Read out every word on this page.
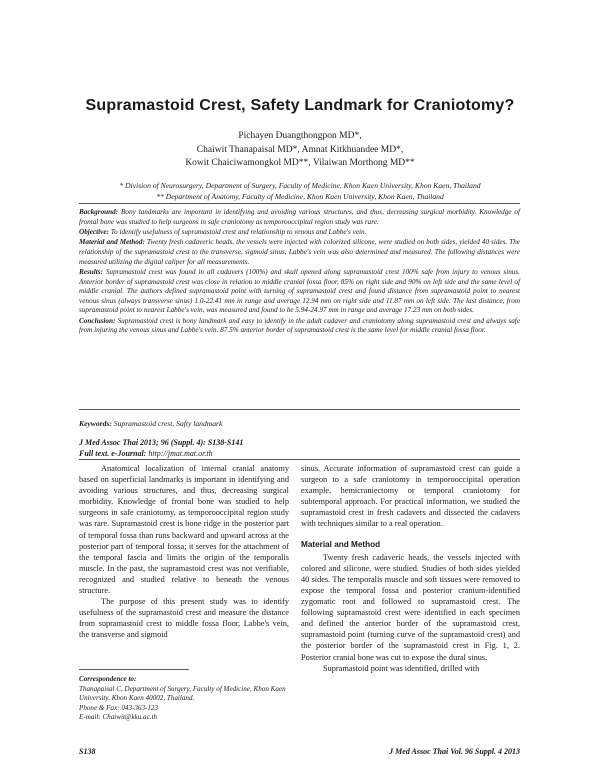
Supramastoid Crest, Safety Landmark for Craniotomy?
Pichayen Duangthongpon MD*,
Chaiwit Thanapaisal MD*, Amnat Kitkhuandee MD*,
Kowit Chaiciwamongkol MD**, Vilaiwan Morthong MD**
* Division of Neurosurgery, Department of Surgery, Faculty of Medicine, Khon Kaen University, Khon Kaen, Thailand
** Department of Anatomy, Faculty of Medicine, Khon Kaen University, Khon Kaen, Thailand

Background: Bony landmarks are important in identifying and avoiding various structures, and thus, decreasing surgical morbidity. Knowledge of frontal bone was studied to help surgeons in safe craniotomy as temporooccipital region study was rare.

Objective: To identify usefulness of supramastoid crest and relationship to venous and Labbe's vein.

Material and Method: Twenty fresh cadaveric heads, the vessels were injected with colorized silicone, were studied on both sides, yielded 40 sides. The relationship of the supramastoid crest to the transverse, sigmoid sinus, Labbe's vein was also determined and measured. The following distances were measured utilizing the digital caliper for all measurements.

Results: Supramastoid crest was found in all cadavers (100%) and skull opened along supramastoid crest 100% safe from injury to venous sinus. Anterior border of supramastoid crest was close in relation to middle cranial fossa floor, 85% on right side and 90% on left side and the same level of middle cranial. The authors defined supramastoid point with turning of supramastoid crest and found distance from supramastoid point to nearest venous sinus (always transverse sinus) 1.0-22.41 mm in range and average 12.94 mm on right side and 11.87 mm on left side. The last distance, from supramastoid point to nearest Labbe's vein, was measured and found to be 5.94-24.97 mm in range and average 17.23 mm on both sides.

Conclusion: Supramastoid crest is bony landmark and easy to identify in the adult cadaver and craniotomy along supramastoid crest and always safe from injuring the venous sinus and Labbe's vein. 87.5% anterior border of supramastoid crest is the same level for middle cranial fossa floor.

Keywords: Supramastoid crest, Safty landmark
J Med Assoc Thai 2013; 96 (Suppl. 4): S138-S141
Full text. e-Journal: http://jmat.mat.or.th

Anatomical localization of internal cranial anatomy based on superficial landmarks is important in identifying and avoiding various structures, and thus, decreasing surgical morbidity. Knowledge of frontal bone was studied to help surgeons in safe craniotomy, as temporooccipital region study was rare. Supramastoid crest is bone ridge in the posterior part of temporal fossa than runs backward and upward across at the posterior part of temporal fossa; it serves for the attachment of the temporal fascia and limits the origin of the temporalis muscle. In the past, the supramastoid crest was not verifiable, recognized and studied relative to beneath the venous structure.

The purpose of this present study was to identify usefulness of the supramastoid crest and measure the distance from supramastoid crest to middle fossa floor, Labbe's vein, the transverse and sigmoid

sinus. Accurate information of supramastoid crest can guide a surgeon to a safe craniotomy in temporooccipital operation example, hemicraniectomy or temporal craniotomy for subtemporal approach. For practical information, we studied the supramastoid crest in fresh cadavers and dissected the cadavers with techniques similar to a real operation.

Material and Method

Twenty fresh cadaveric heads, the vessels injected with colored and silicone, were studied. Studies of both sides yielded 40 sides. The temporalis muscle and soft tissues were removed to expose the temporal fossa and posterior cranium-identified zygomatic root and followed to supramastoid crest. The following supramastoid crest were identified in each specimen and defined the anterior border of the supramastoid crest, supramastoid point (turning curve of the supramastoid crest) and the posterior border of the supramastoid crest in Fig. 1, 2. Posterior cranial bone was cut to expose the dural sinus.

Supramastoid point was identified, drilled with

Correspondence to:
Thanapaisal C, Department of Surgery, Faculty of Medicine, Khon Kaen University, Khon Kaen 40002, Thailand.
Phone & Fax: 043-363-123
E-mail: Chaiwit@kku.ac.th
S138	J Med Assoc Thai Vol. 96 Suppl. 4 2013
